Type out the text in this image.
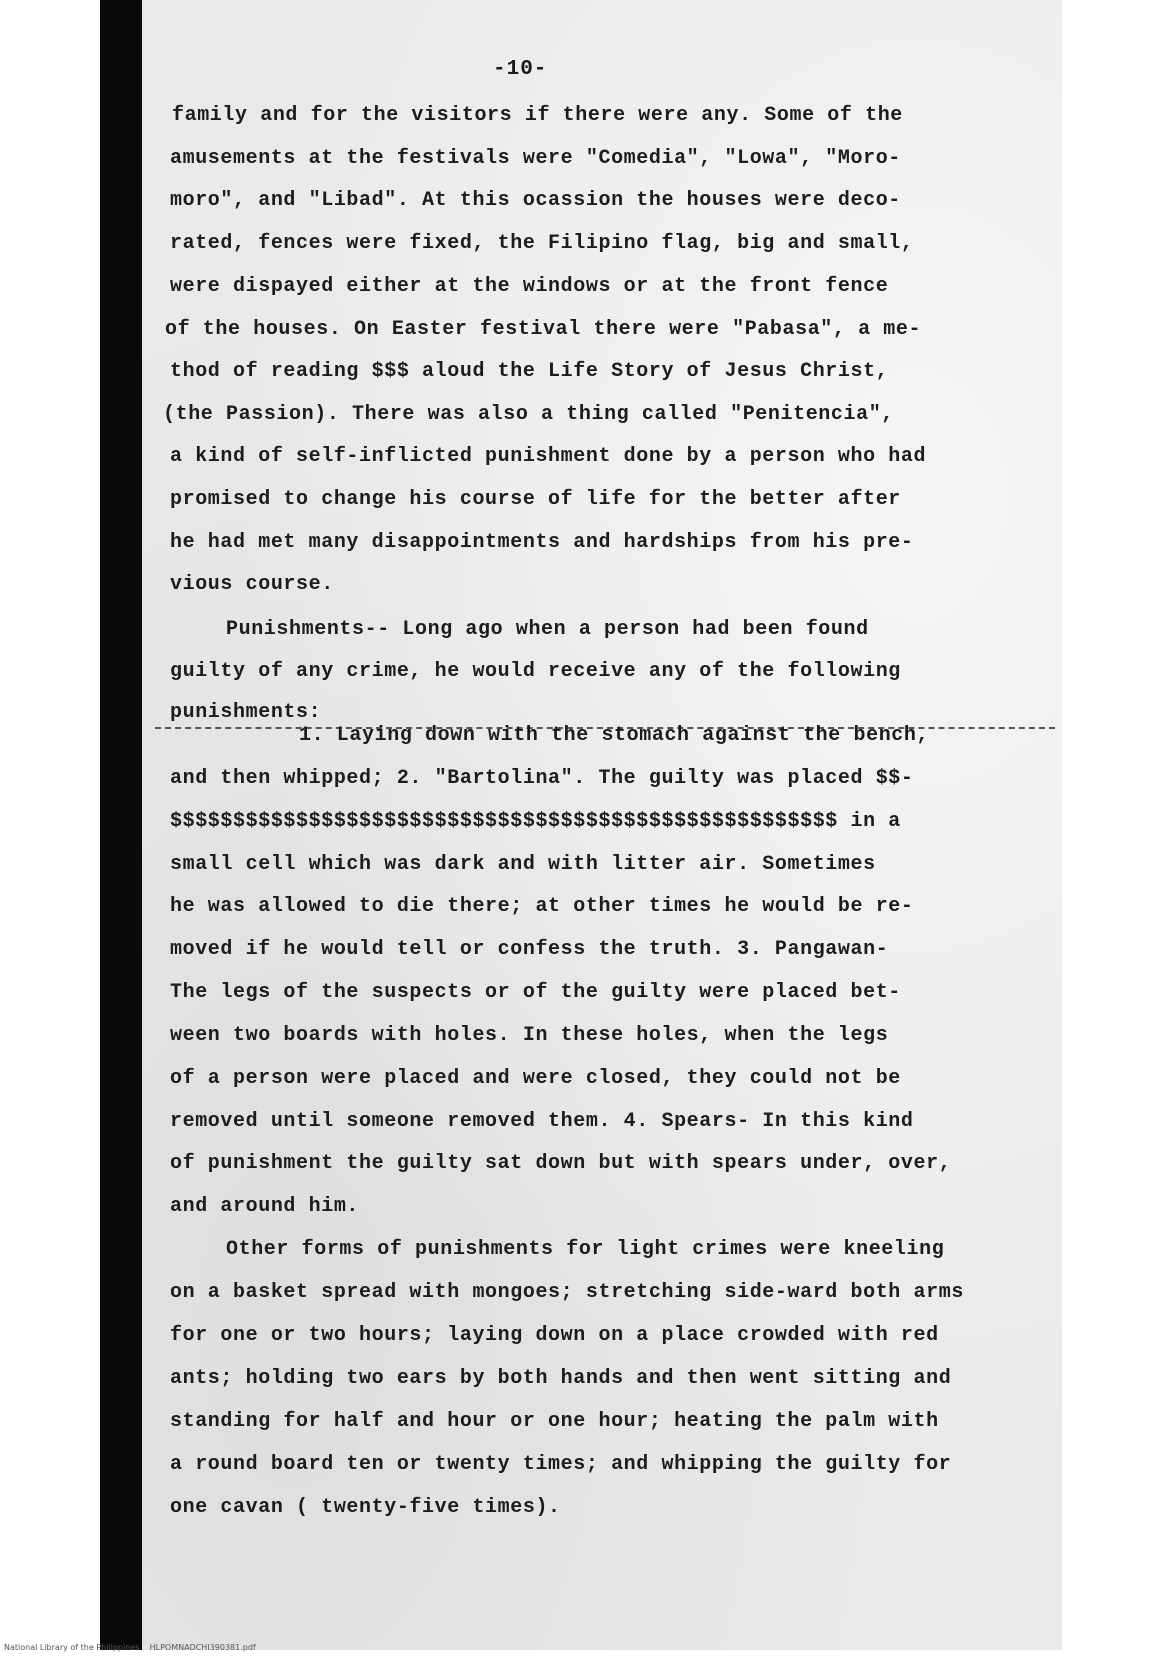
-10-
family and for the visitors if there were any. Some of the
amusements at the festivals were "Comedia", "Lowa", "Moro-
moro", and "Libad". At this ocassion the houses were deco-
rated, fences were fixed, the Filipino flag, big and small,
were dispayed either at the windows or at the front fence
of the houses. On Easter festival there were "Pabasa", a me-
thod of reading $$$ aloud the Life Story of Jesus Christ,
(the Passion). There was also a thing called "Penitencia",
a kind of self-inflicted punishment done by a person who had
promised to change his course of life for the better after
he had met many disappointments and hardships from his pre-
vious course.
Punishments-- Long ago when a person had been found
guilty of any crime, he would receive any of the following
punishments:
1. Laying down with the stomach against the bench,
and then whipped; 2. "Bartolina". The guilty was placed $$-
$$$$$$$$$$$$$$$$$$$$$$$$$$$$$$$$$$$$$$$$$$$$$$$$$$$$$ in a
small cell which was dark and with litter air. Sometimes
he was allowed to die there; at other times he would be re-
moved if he would tell or confess the truth. 3. Pangawan-
The legs of the suspects or of the guilty were placed bet-
ween two boards with holes. In these holes, when the legs
of a person were placed and were closed, they could not be
removed until someone removed them. 4. Spears- In this kind
of punishment the guilty sat down but with spears under, over,
and around him.
Other forms of punishments for light crimes were kneeling
on a basket spread with mongoes; stretching side-ward both arms
for one or two hours; laying down on a place crowded with red
ants; holding two ears by both hands and then went sitting and
standing for half and hour or one hour; heating the palm with
a round board ten or twenty times; and whipping the guilty for
one cavan ( twenty-five times).
National Library of the Philippines HLPOMNADCHI390381.pdf
